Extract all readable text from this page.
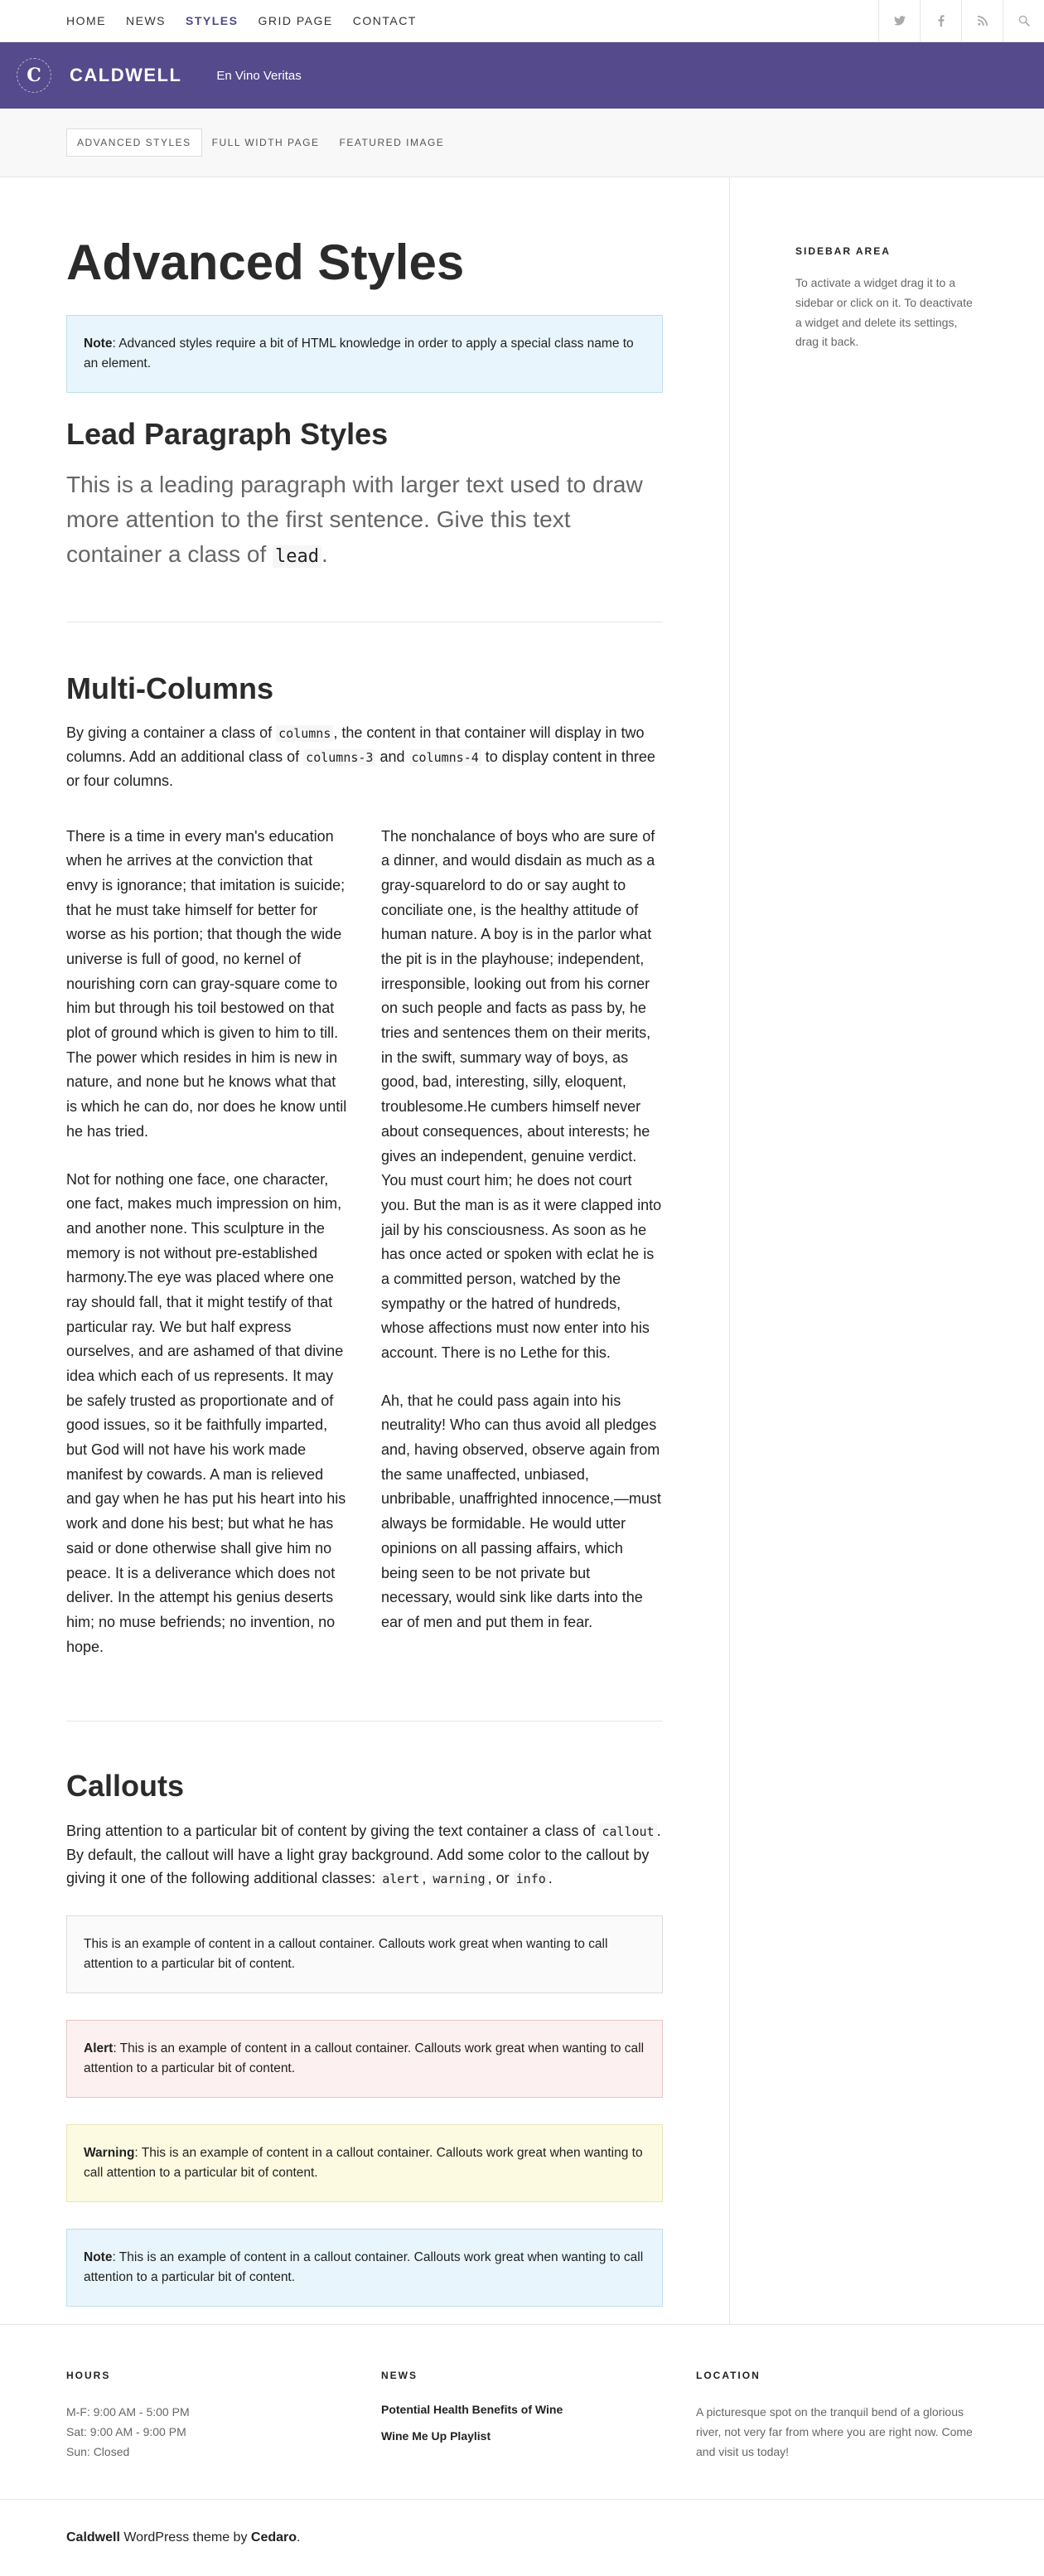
HOME NEWS STYLES GRID PAGE CONTACT
C CALDWELL	En Vino Veritas
ADVANCED STYLES	FULL WIDTH PAGE	FEATURED IMAGE
Advanced Styles
Note: Advanced styles require a bit of HTML knowledge in order to apply a special class name to an element.
Lead Paragraph Styles

This is a leading paragraph with larger text used to draw more attention to the first sentence. Give this text container a class of lead .

Multi-Columns

By giving a container a class of columns , the content in that container will display in two columns. Add an additional class of columns-3 and columns-4 to display content in three or four columns.

There is a time in every man's education when he arrives at the conviction that envy is ignorance; that imitation is suicide; that he must take himself for better for worse as his portion; that though the wide universe is full of good, no kernel of nourishing corn can gray-square come to him but through his toil bestowed on that plot of ground which is given to him to till. The power which resides in him is new in nature, and none but he knows what that is which he can do, nor does he know until he has tried.

Not for nothing one face, one character, one fact, makes much impression on him, and another none. This sculpture in the memory is not without pre-established harmony.The eye was placed where one ray should fall, that it might testify of that particular ray. We but half express ourselves, and are ashamed of that divine idea which each of us represents. It may be safely trusted as proportionate and of good issues, so it be faithfully imparted, but God will not have his work made manifest by cowards. A man is relieved and gay when he has put his heart into his work and done his best; but what he has said or done otherwise shall give him no peace. It is a deliverance which does not deliver. In the attempt his genius deserts him; no muse befriends; no invention, no hope.

The nonchalance of boys who are sure of a dinner, and would disdain as much as a gray-squarelord to do or say aught to conciliate one, is the healthy attitude of human nature. A boy is in the parlor what the pit is in the playhouse; independent, irresponsible, looking out from his corner on such people and facts as pass by, he tries and sentences them on their merits, in the swift, summary way of boys, as good, bad, interesting, silly, eloquent, troublesome.He cumbers himself never about consequences, about interests; he gives an independent, genuine verdict. You must court him; he does not court you. But the man is as it were clapped into jail by his consciousness. As soon as he has once acted or spoken with eclat he is a committed person, watched by the sympathy or the hatred of hundreds, whose affections must now enter into his account. There is no Lethe for this.

Ah, that he could pass again into his neutrality! Who can thus avoid all pledges and, having observed, observe again from the same unaffected, unbiased, unbribable, unaffrighted innocence,—must always be formidable. He would utter opinions on all passing affairs, which being seen to be not private but necessary, would sink like darts into the ear of men and put them in fear.

Callouts

Bring attention to a particular bit of content by giving the text container a class of callout . By default, the callout will have a light gray background. Add some color to the callout by giving it one of the following additional classes: alert , warning , or info .

This is an example of content in a callout container. Callouts work great when wanting to call attention to a particular bit of content.
Alert: This is an example of content in a callout container. Callouts work great when wanting to call attention to a particular bit of content.
Warning: This is an example of content in a callout container. Callouts work great when wanting to call attention to a particular bit of content.
Note: This is an example of content in a callout container. Callouts work great when wanting to call attention to a particular bit of content.
SIDEBAR AREA
To activate a widget drag it to a sidebar or click on it. To deactivate a widget and delete its settings, drag it back.
HOURS
M-F: 9:00 AM - 5:00 PM
Sat: 9:00 AM - 9:00 PM
Sun: Closed
NEWS
Potential Health Benefits of Wine
Wine Me Up Playlist
LOCATION
A picturesque spot on the tranquil bend of a glorious river, not very far from where you are right now. Come and visit us today!
Caldwell WordPress theme by Cedaro .
